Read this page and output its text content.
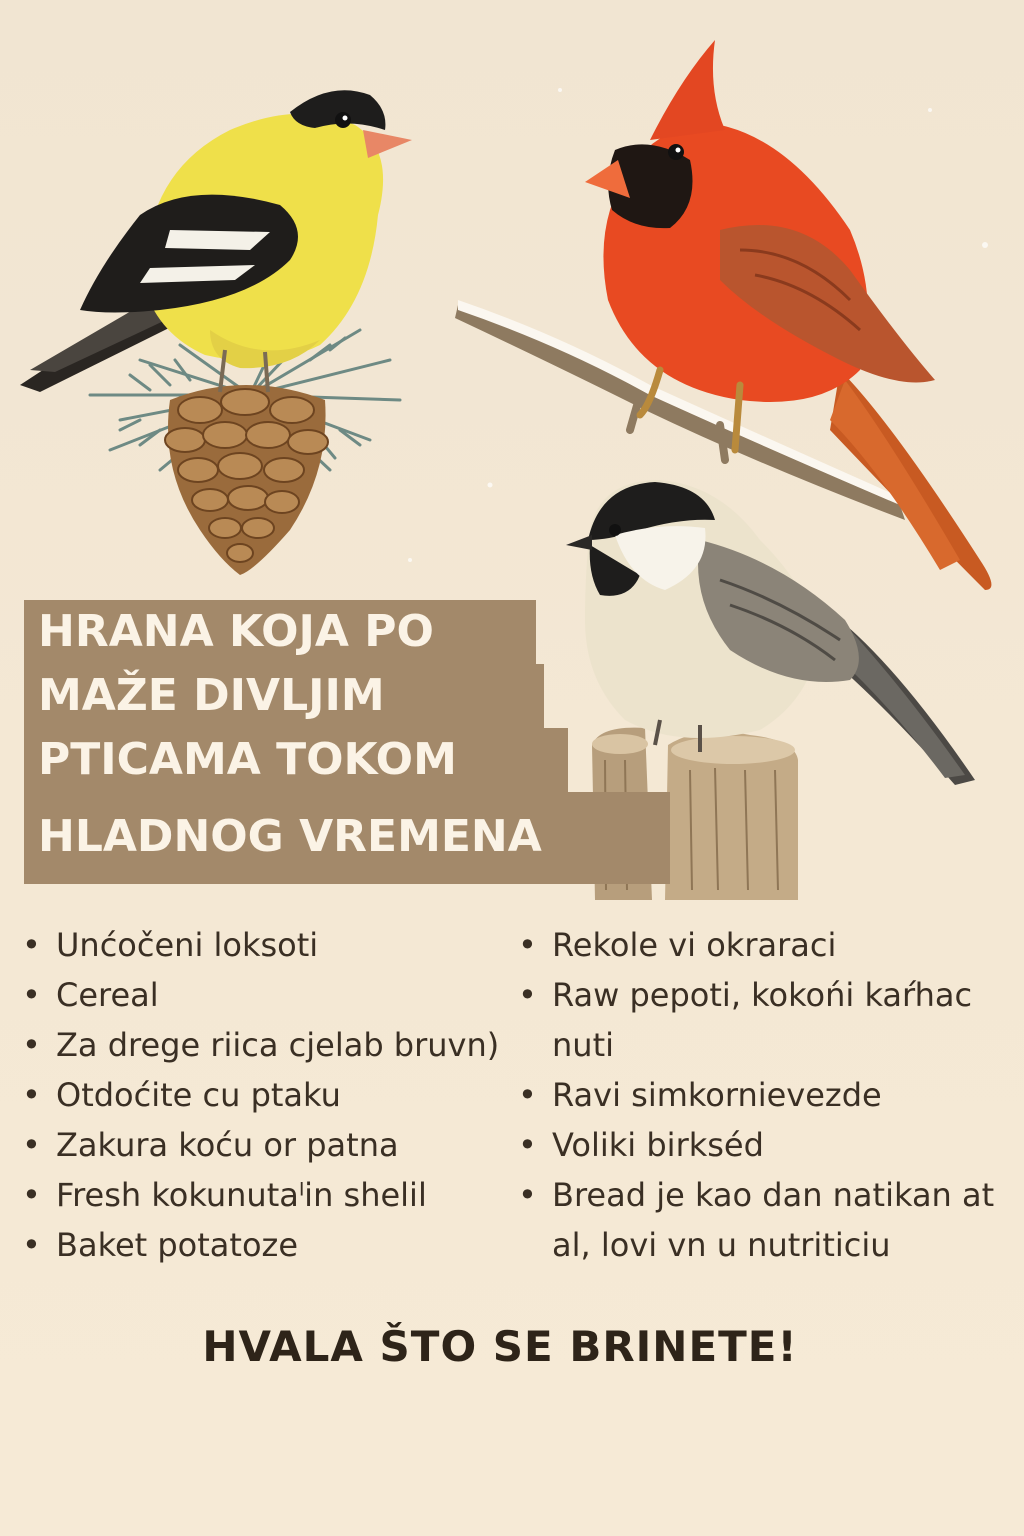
HRANA KOJA PO
MAŽE DIVLJIM
PTICAMA TOKOM
HLADNOG VREMENA
• Unćočeni loksoti
• Cereal
• Za drege riica cjelab bruvn)
• Otdoćite cu ptaku
• Zakura koću or patna
• Fresh kokunutaˡin shelil
• Baket potatoze
• Rekole vi okraraci
• Raw pepoti, kokońi kaŕhac nuti
• Ravi simkornievezde
• Voliki birkséd
• Bread je kao dan natikan at al, lovi vn u nutriticiu
HVALA ŠTO SE BRINETE!
